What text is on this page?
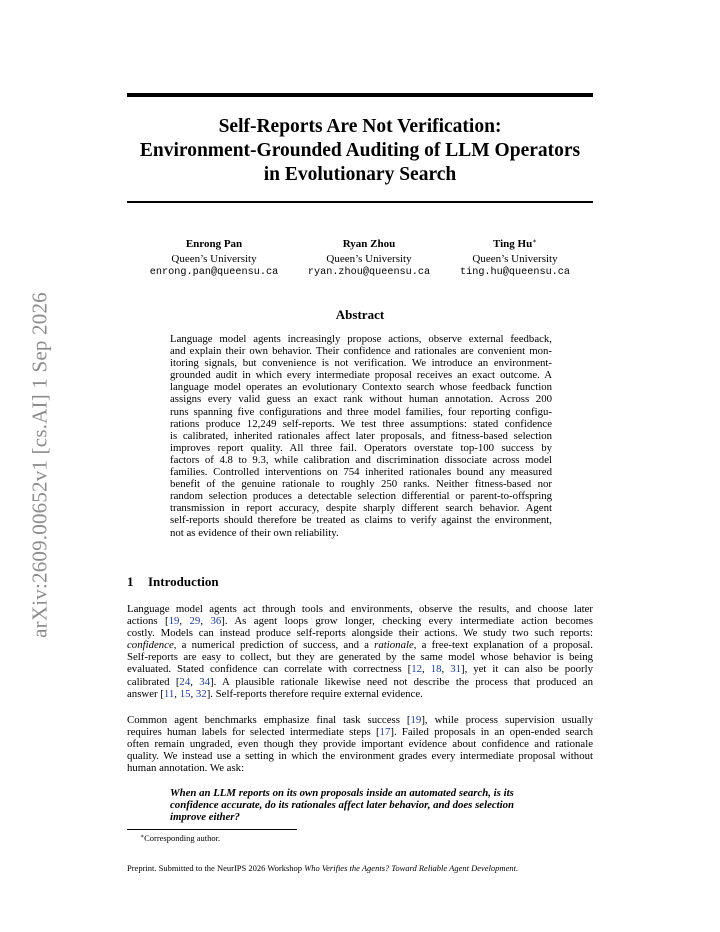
arXiv:2609.00652v1 [cs.AI] 1 Sep 2026
Self-Reports Are Not Verification:
Environment-Grounded Auditing of LLM Operators
in Evolutionary Search
Enrong Pan
Queen’s University
enrong.pan@queensu.ca
Ryan Zhou
Queen’s University
ryan.zhou@queensu.ca
Ting Hu∗
Queen’s University
ting.hu@queensu.ca
Abstract
Language model agents increasingly propose actions, observe external feedback,
and explain their own behavior. Their confidence and rationales are convenient mon-
itoring signals, but convenience is not verification. We introduce an environment-
grounded audit in which every intermediate proposal receives an exact outcome. A
language model operates an evolutionary Contexto search whose feedback function
assigns every valid guess an exact rank without human annotation. Across 200
runs spanning five configurations and three model families, four reporting configu-
rations produce 12,249 self-reports. We test three assumptions: stated confidence
is calibrated, inherited rationales affect later proposals, and fitness-based selection
improves report quality. All three fail. Operators overstate top-100 success by
factors of 4.8 to 9.3, while calibration and discrimination dissociate across model
families. Controlled interventions on 754 inherited rationales bound any measured
benefit of the genuine rationale to roughly 250 ranks. Neither fitness-based nor
random selection produces a detectable selection differential or parent-to-offspring
transmission in report accuracy, despite sharply different search behavior. Agent
self-reports should therefore be treated as claims to verify against the environment,
not as evidence of their own reliability.
1 Introduction
Language model agents act through tools and environments, observe the results, and choose later
actions [19, 29, 36]. As agent loops grow longer, checking every intermediate action becomes
costly. Models can instead produce self-reports alongside their actions. We study two such reports:
confidence, a numerical prediction of success, and a rationale, a free-text explanation of a proposal.
Self-reports are easy to collect, but they are generated by the same model whose behavior is being
evaluated. Stated confidence can correlate with correctness [12, 18, 31], yet it can also be poorly
calibrated [24, 34]. A plausible rationale likewise need not describe the process that produced an
answer [11, 15, 32]. Self-reports therefore require external evidence.
Common agent benchmarks emphasize final task success [19], while process supervision usually
requires human labels for selected intermediate steps [17]. Failed proposals in an open-ended search
often remain ungraded, even though they provide important evidence about confidence and rationale
quality. We instead use a setting in which the environment grades every intermediate proposal without
human annotation. We ask:
When an LLM reports on its own proposals inside an automated search, is its
confidence accurate, do its rationales affect later behavior, and does selection
improve either?
∗Corresponding author.
Preprint. Submitted to the NeurIPS 2026 Workshop Who Verifies the Agents? Toward Reliable Agent Development.
